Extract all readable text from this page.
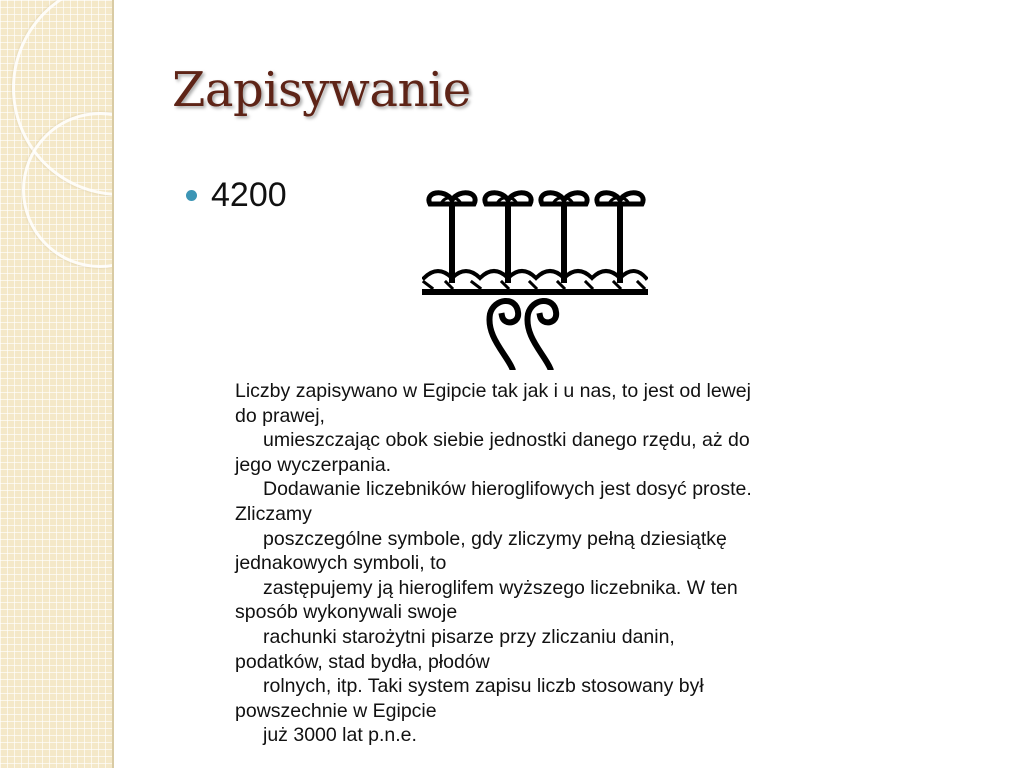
Zapisywanie
4200
Liczby zapisywano w Egipcie tak jak i u nas, to jest od lewej
do prawej,
umieszczając obok siebie jednostki danego rzędu, aż do
jego wyczerpania.
Dodawanie liczebników hieroglifowych jest dosyć proste.
Zliczamy
poszczególne symbole, gdy zliczymy pełną dziesiątkę
jednakowych symboli, to
zastępujemy ją hieroglifem wyższego liczebnika. W ten
sposób wykonywali swoje
rachunki starożytni pisarze przy zliczaniu danin,
podatków, stad bydła, płodów
rolnych, itp. Taki system zapisu liczb stosowany był
powszechnie w Egipcie
już 3000 lat p.n.e.
